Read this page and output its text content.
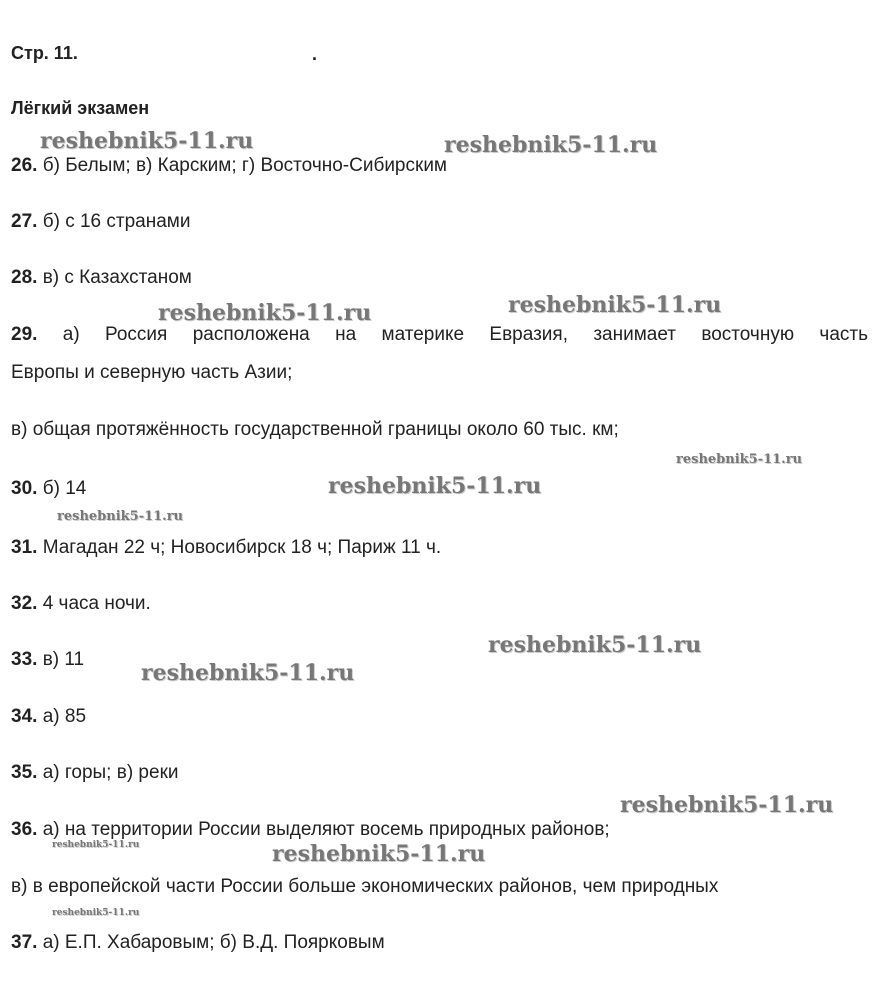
Стр. 11.	.
Лёгкий экзамен
26. б) Белым; в) Карским; г) Восточно-Сибирским
27. б) с 16 странами
28. в) с Казахстаном
29. а) Россия расположена на материке Евразия, занимает восточную часть
Европы и северную часть Азии;
в) общая протяжённость государственной границы около 60 тыс. км;
30. б) 14
31. Магадан 22 ч; Новосибирск 18 ч; Париж 11 ч.
32. 4 часа ночи.
33. в) 11
34. а) 85
35. а) горы; в) реки
36. а) на территории России выделяют восемь природных районов;
в) в европейской части России больше экономических районов, чем природных
37. а) Е.П. Хабаровым; б) В.Д. Поярковым
reshebnik5-11.ru	reshebnik5-11.ru
reshebnik5-11.ru	reshebnik5-11.ru
reshebnik5-11.ru
reshebnik5-11.ru
reshebnik5-11.ru
reshebnik5-11.ru
reshebnik5-11.ru
reshebnik5-11.ru
reshebnik5-11.ru	reshebnik5-11.ru
reshebnik5-11.ru
